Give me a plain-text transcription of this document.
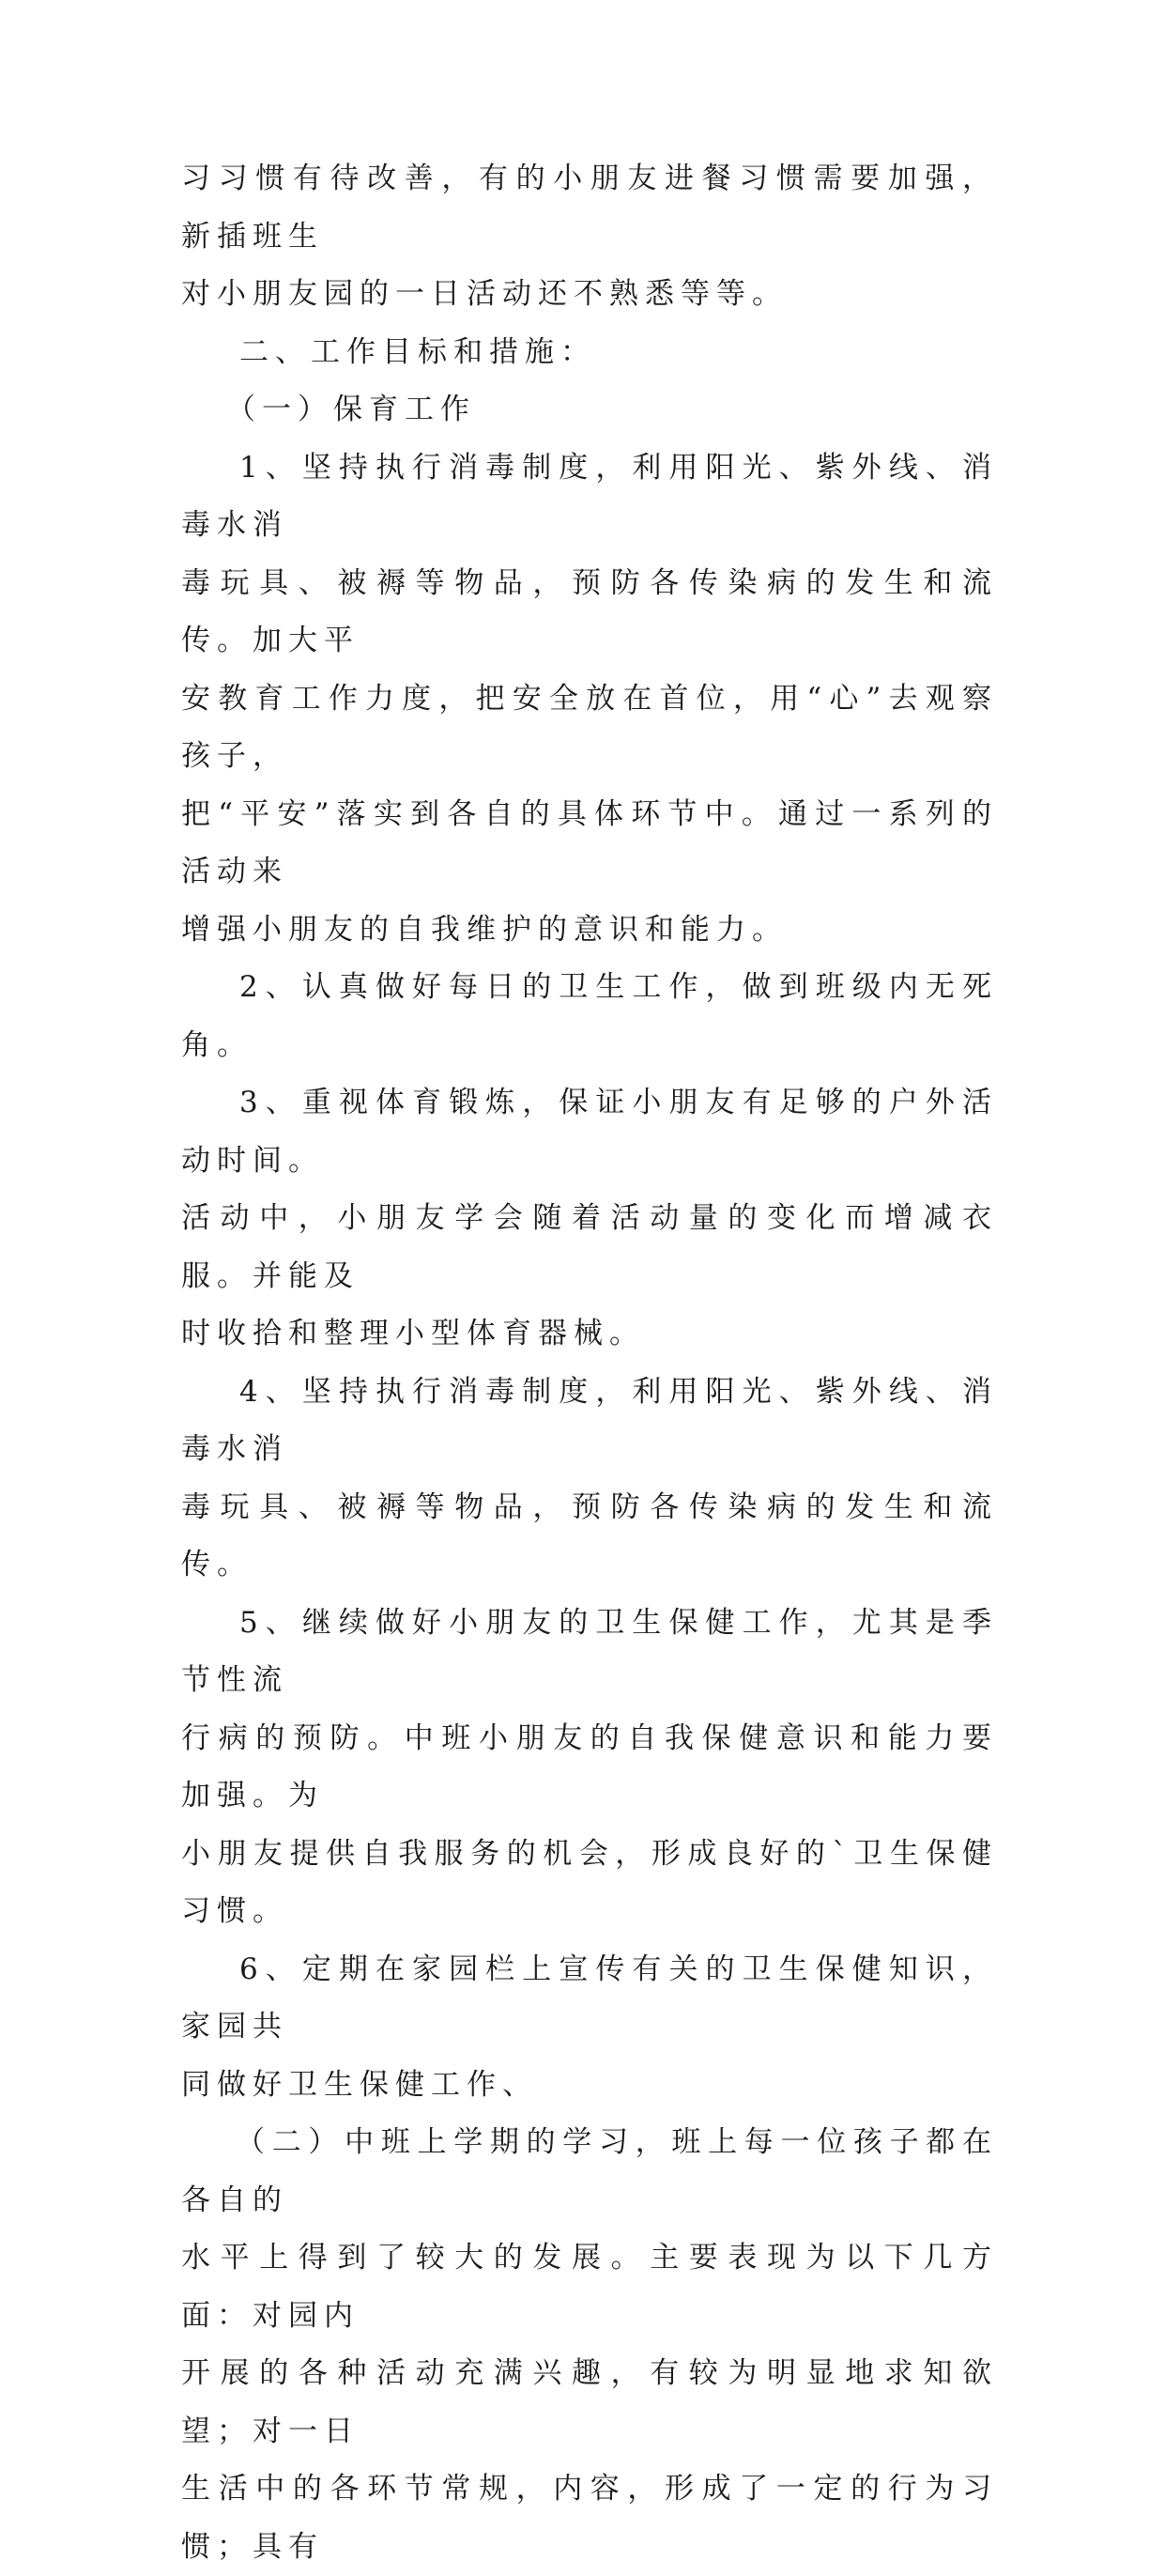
习习惯有待改善，有的小朋友进餐习惯需要加强，新插班生
对小朋友园的一日活动还不熟悉等等。

二、工作目标和措施：

（一）保育工作

1、坚持执行消毒制度，利用阳光、紫外线、消毒水消
毒玩具、被褥等物品，预防各传染病的发生和流传。加大平
安教育工作力度，把安全放在首位，用“心”去观察孩子，
把“平安”落实到各自的具体环节中。通过一系列的活动来
增强小朋友的自我维护的意识和能力。

2、认真做好每日的卫生工作，做到班级内无死角。

3、重视体育锻炼，保证小朋友有足够的户外活动时间。
活动中，小朋友学会随着活动量的变化而增减衣服。并能及
时收拾和整理小型体育器械。

4、坚持执行消毒制度，利用阳光、紫外线、消毒水消
毒玩具、被褥等物品，预防各传染病的发生和流传。

5、继续做好小朋友的卫生保健工作，尤其是季节性流
行病的预防。中班小朋友的自我保健意识和能力要加强。为
小朋友提供自我服务的机会，形成良好的`卫生保健习惯。

6、定期在家园栏上宣传有关的卫生保健知识，家园共
同做好卫生保健工作、

（二）中班上学期的学习，班上每一位孩子都在各自的
水平上得到了较大的发展。主要表现为以下几方面：对园内
开展的各种活动充满兴趣，有较为明显地求知欲望；对一日
生活中的各环节常规，内容，形成了一定的行为习惯；具有
